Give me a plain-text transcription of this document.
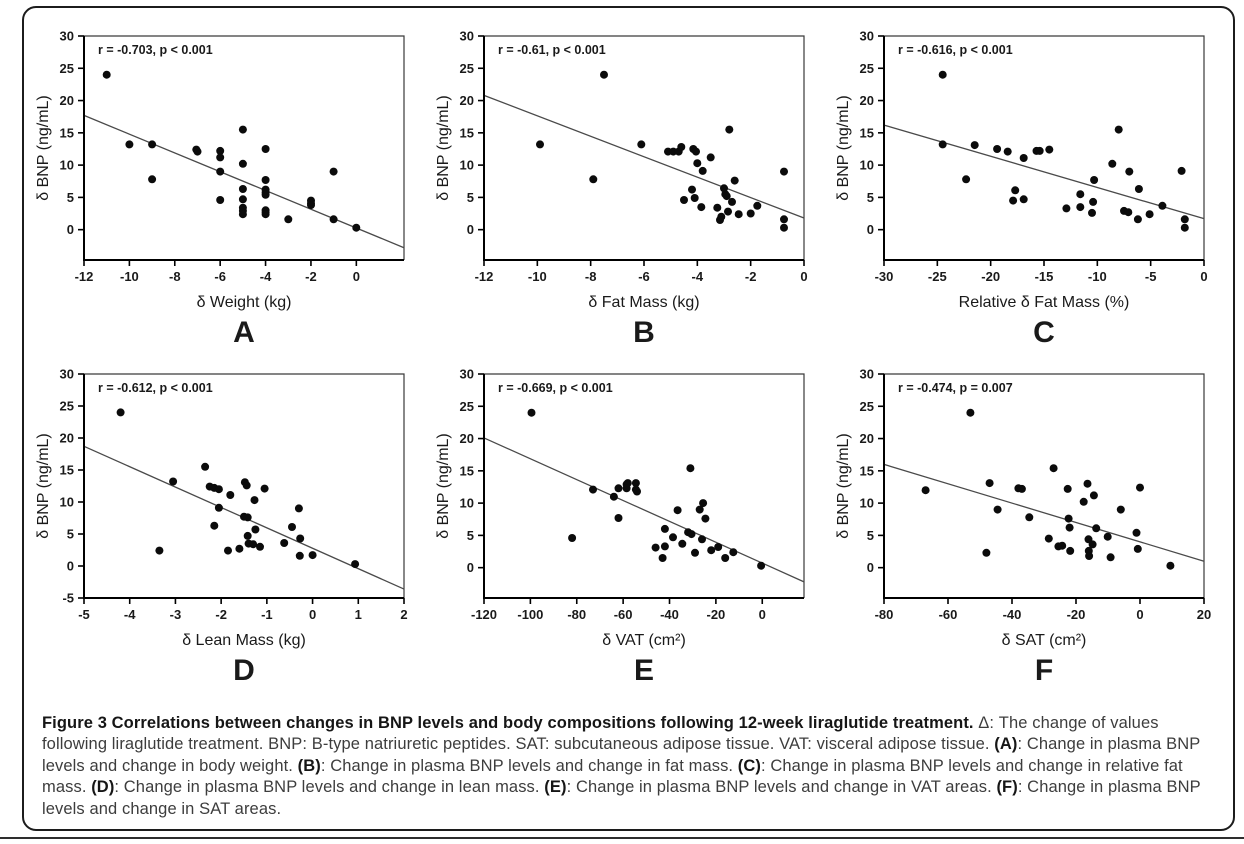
0
5
10
15
20
25
30
-12 -10 -8	-6	-4	-2	0
r = -0.703, p < 0.001
δ Weight (kg)
δ BNP (ng/mL)
A
0
5
10
15
20
25
30
-12	-10	-8	-6	-4	-2	0
r = -0.61, p < 0.001
δ Fat Mass (kg)
δ BNP (ng/mL)
B
0
5
10
15
20
25
30
-30	-25	-20	-15	-10	-5	0
r = -0.616, p < 0.001
Relative δ Fat Mass (%)
δ BNP (ng/mL)
C
-5
0
5
10
15
20
25
30
-5	-4	-3	-2	-1	0	1	2
r = -0.612, p < 0.001
δ Lean Mass (kg)
δ BNP (ng/mL)
D
0
5
10
15
20
25
30
-120 -100 -80 -60 -40 -20	0
r = -0.669, p < 0.001
δ VAT (cm²)
δ BNP (ng/mL)
E
0
5
10
15
20
25
30
-80	-60	-40	-20	0	20
r = -0.474, p = 0.007
δ SAT (cm²)
δ BNP (ng/mL)
F

Figure 3 Correlations between changes in BNP levels and body compositions following 12-week liraglutide treatment. Δ: The change of values following liraglutide treatment. BNP: B-type natriuretic peptides. SAT: subcutaneous adipose tissue. VAT: visceral adipose tissue. (A): Change in plasma BNP levels and change in body weight. (B): Change in plasma BNP levels and change in fat mass. (C): Change in plasma BNP levels and change in relative fat mass. (D): Change in plasma BNP levels and change in lean mass. (E): Change in plasma BNP levels and change in VAT areas. (F): Change in plasma BNP levels and change in SAT areas.
